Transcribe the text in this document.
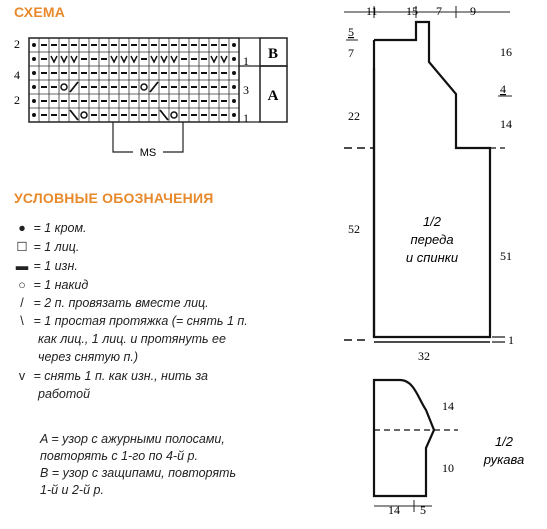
СХЕМА
MS
2
4
2
1
3
1
B
A
УСЛОВНЫЕ ОБОЗНАЧЕНИЯ
● = 1 кром.
☐ = 1 лиц.
▬ = 1 изн.
○ = 1 накид
/ = 2 п. провязать вместе лиц.
\ = 1 простая протяжка (= снять 1 п.
как лиц., 1 лиц. и протянуть ее
через снятую п.)
v = снять 1 п. как изн., нить за
работой
A = узор с ажурными полосами,
повторять с 1-го по 4-й р.
B = узор с защипами, повторять
1-й и 2-й р.
11 15 7 9
5
7
22
52
16
4
14
51
1
32
1/2
переда
и спинки
14
10
14 5
1/2
рукава
